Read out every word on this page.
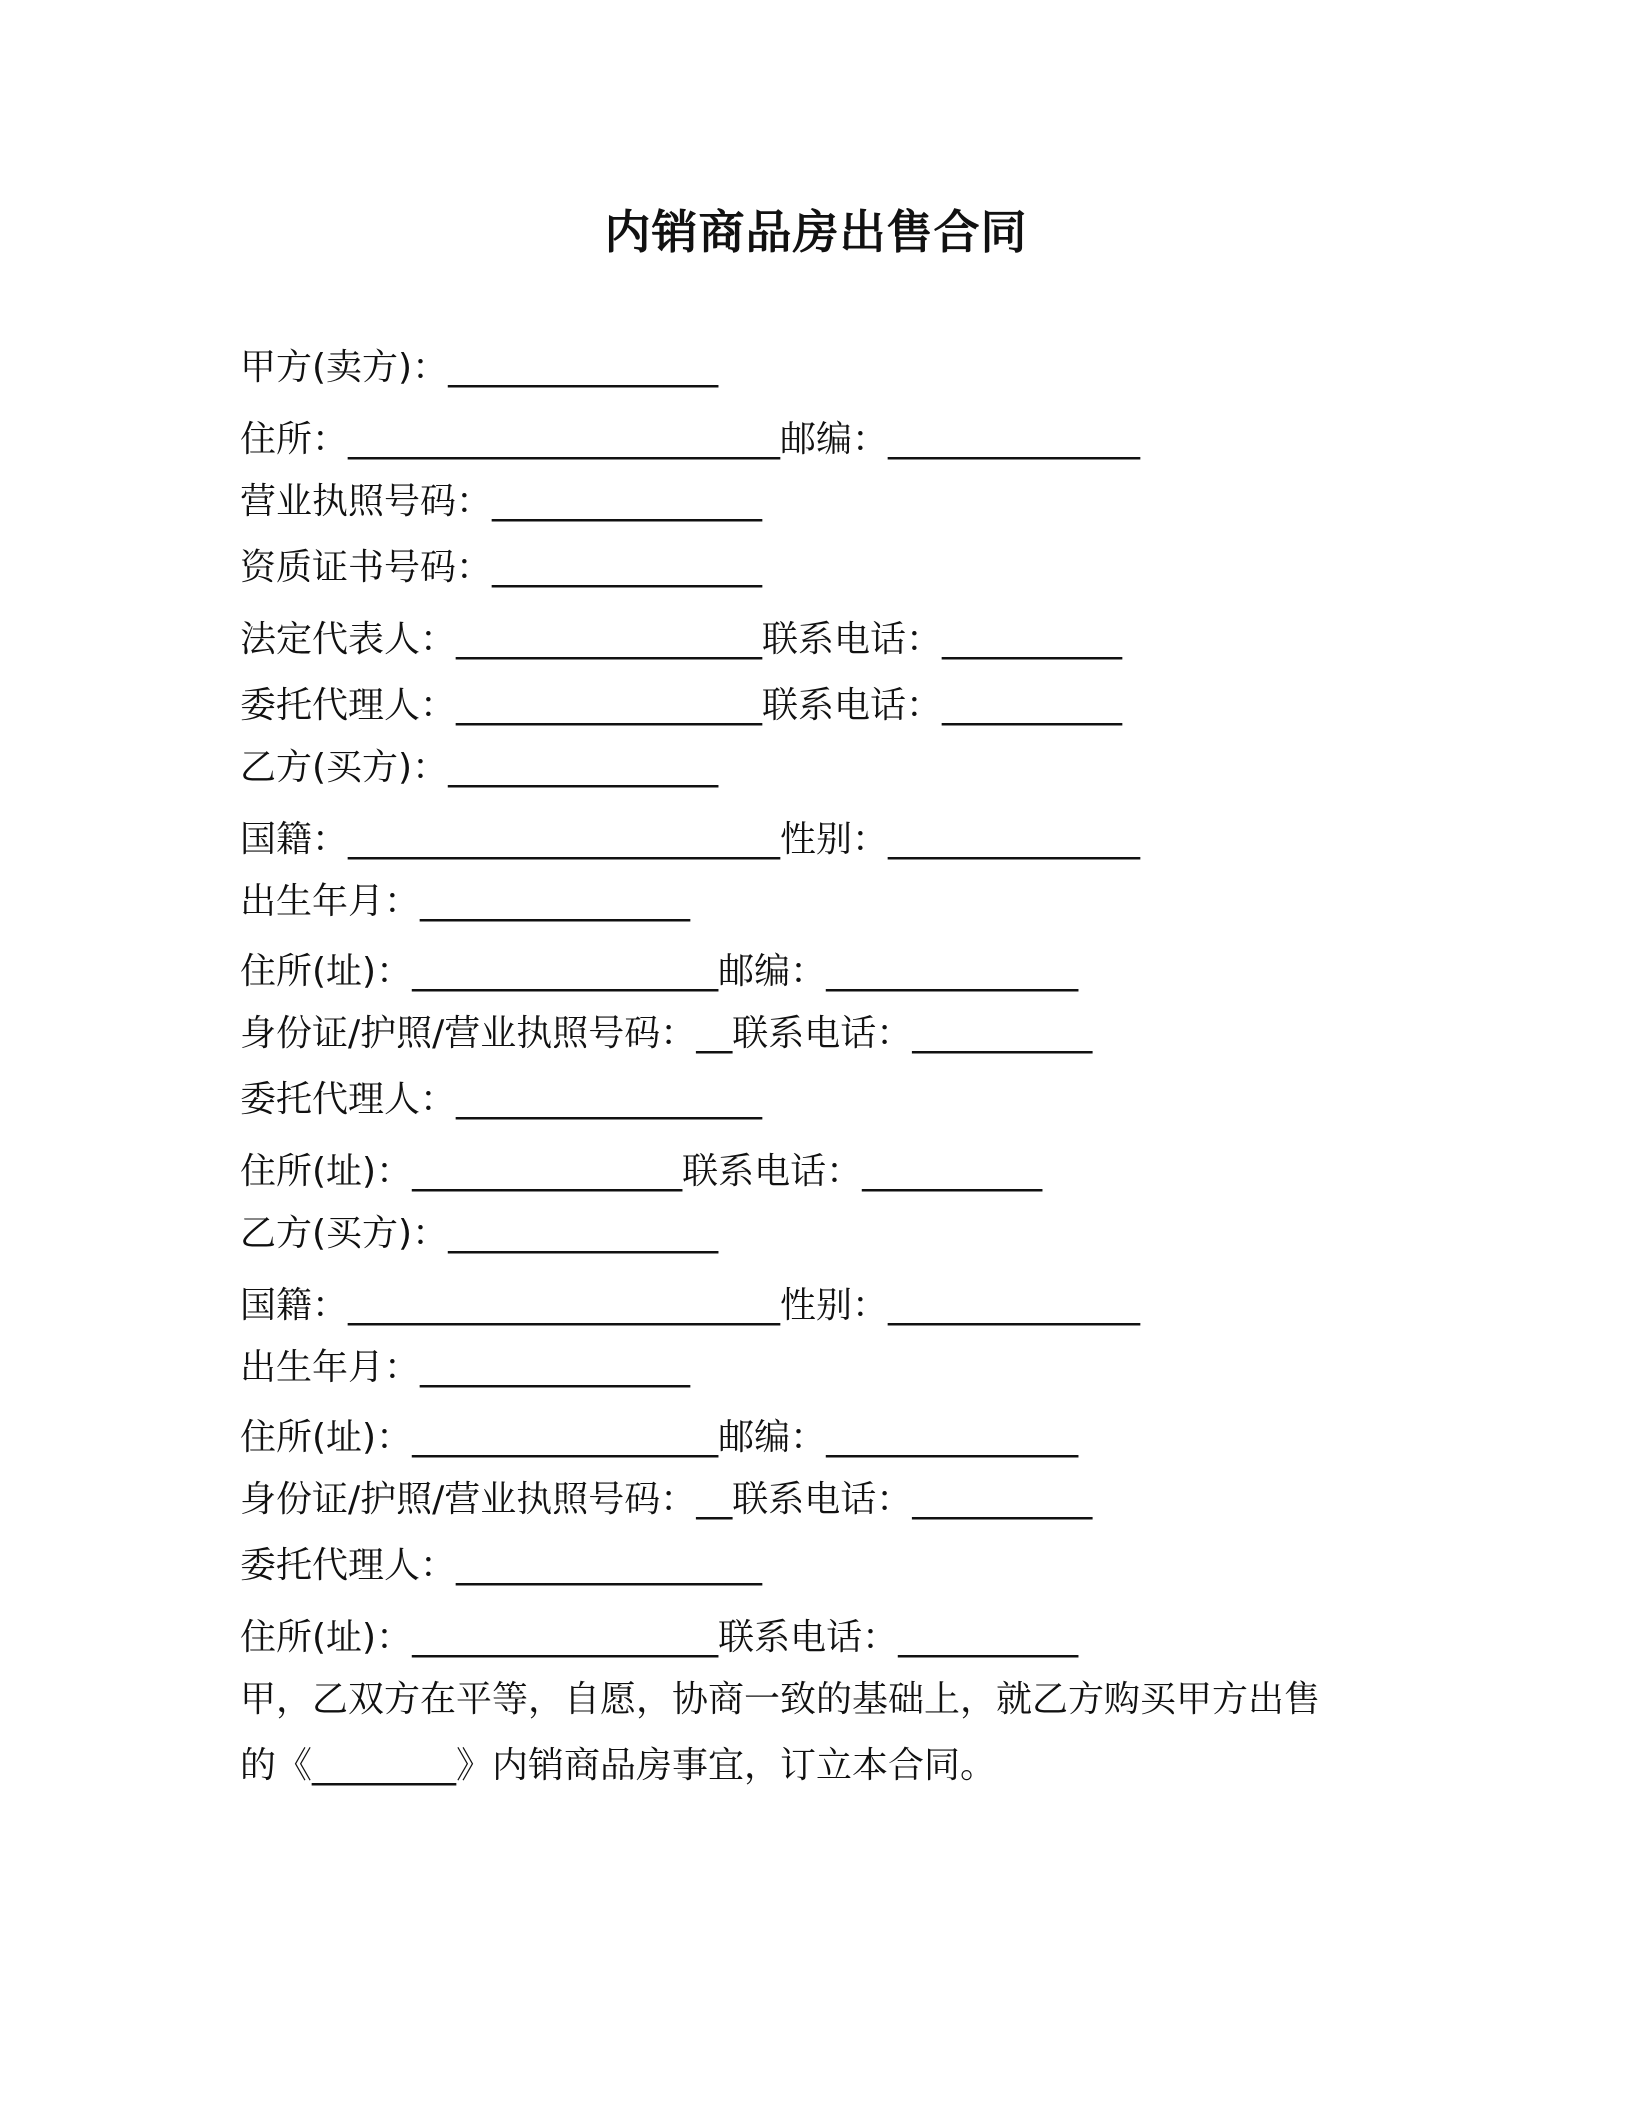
内销商品房出售合同
甲方(卖方)：_______________
住所：________________________邮编：______________
营业执照号码：_______________
资质证书号码：_______________
法定代表人：_________________联系电话：__________
委托代理人：_________________联系电话：__________
乙方(买方)：_______________
国籍：________________________性别：______________
出生年月：_______________
住所(址)：_________________邮编：______________
身份证/护照/营业执照号码：__联系电话：__________
委托代理人：_________________
住所(址)：_______________联系电话：__________
乙方(买方)：_______________
国籍：________________________性别：______________
出生年月：_______________
住所(址)：_________________邮编：______________
身份证/护照/营业执照号码：__联系电话：__________
委托代理人：_________________
住所(址)：_________________联系电话：__________
甲，乙双方在平等，自愿，协商一致的基础上，就乙方购买甲方出售
的《________》内销商品房事宜，订立本合同。
